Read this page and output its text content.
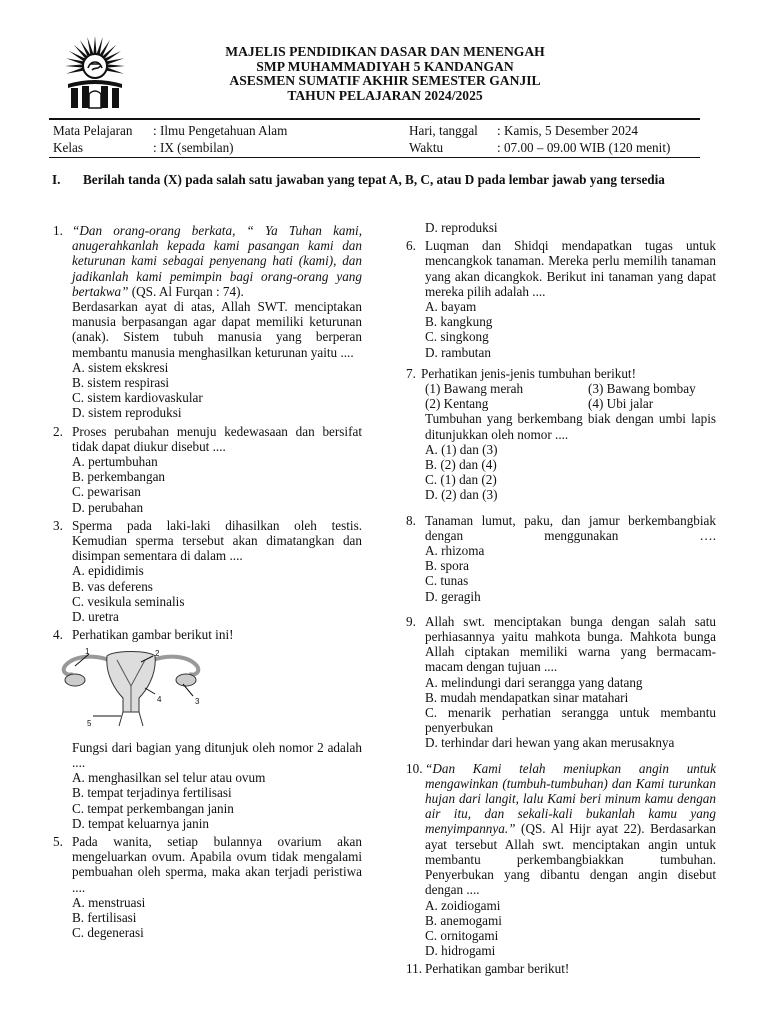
MAJELIS PENDIDIKAN DASAR DAN MENENGAH
SMP MUHAMMADIYAH 5 KANDANGAN
ASESMEN SUMATIF AKHIR SEMESTER GANJIL
TAHUN PELAJARAN 2024/2025
Mata Pelajaran : Ilmu Pengetahuan Alam	Hari, tanggal : Kamis, 5 Desember 2024
Kelas	: IX (sembilan)	Waktu	: 07.00 – 09.00 WIB (120 menit)
I.	Berilah tanda (X) pada salah satu jawaban yang tepat A, B, C, atau D pada lembar jawab yang tersedia
1. “Dan orang-orang berkata, “ Ya Tuhan kami, anugerahkanlah kepada kami pasangan kami dan keturunan kami sebagai penyenang hati (kami), dan jadikanlah kami pemimpin bagi orang-orang yang bertakwa” (QS. Al Furqan : 74).
Berdasarkan ayat di atas, Allah SWT. menciptakan manusia berpasangan agar dapat memiliki keturunan (anak). Sistem tubuh manusia yang berperan membantu manusia menghasilkan keturunan yaitu ....
A. sistem ekskresi
B. sistem respirasi
C. sistem kardiovaskular
D. sistem reproduksi
2. Proses perubahan menuju kedewasaan dan bersifat tidak dapat diukur disebut ....
A. pertumbuhan
B. perkembangan
C. pewarisan
D. perubahan
3. Sperma pada laki-laki dihasilkan oleh testis. Kemudian sperma tersebut akan dimatangkan dan disimpan sementara di dalam ....
A. epididimis
B. vas deferens
C. vesikula seminalis
D. uretra
4. Perhatikan gambar berikut ini!
1	2
3
4
5
Fungsi dari bagian yang ditunjuk oleh nomor 2 adalah ....
A. menghasilkan sel telur atau ovum
B. tempat terjadinya fertilisasi
C. tempat perkembangan janin
D. tempat keluarnya janin
5. Pada wanita, setiap bulannya ovarium akan mengeluarkan ovum. Apabila ovum tidak mengalami pembuahan oleh sperma, maka akan terjadi peristiwa ....
A. menstruasi
B. fertilisasi
C. degenerasi
D. reproduksi
6. Luqman dan Shidqi mendapatkan tugas untuk mencangkok tanaman. Mereka perlu memilih tanaman yang akan dicangkok. Berikut ini tanaman yang dapat mereka pilih adalah ....
A. bayam
B. kangkung
C. singkong
D. rambutan
7. Perhatikan jenis-jenis tumbuhan berikut!
(1) Bawang merah	(3) Bawang bombay
(2) Kentang	(4) Ubi jalar
Tumbuhan yang berkembang biak dengan umbi lapis ditunjukkan oleh nomor ....
A. (1) dan (3)
B. (2) dan (4)
C. (1) dan (2)
D. (2) dan (3)
8. Tanaman lumut, paku, dan jamur berkembangbiak dengan menggunakan ….
A. rhizoma
B. spora
C. tunas
D. geragih
9. Allah swt. menciptakan bunga dengan salah satu perhiasannya yaitu mahkota bunga. Mahkota bunga Allah ciptakan memiliki warna yang bermacam-macam dengan tujuan ....
A. melindungi dari serangga yang datang
B. mudah mendapatkan sinar matahari
C. menarik perhatian serangga untuk membantu penyerbukan
D. terhindar dari hewan yang akan merusaknya
10. “Dan Kami telah meniupkan angin untuk mengawinkan (tumbuh-tumbuhan) dan Kami turunkan hujan dari langit, lalu Kami beri minum kamu dengan air itu, dan sekali-kali bukanlah kamu yang menyimpannya.” (QS. Al Hijr ayat 22). Berdasarkan ayat tersebut Allah swt. menciptakan angin untuk membantu perkembangbiakkan tumbuhan. Penyerbukan yang dibantu dengan angin disebut dengan ....
A. zoidiogami
B. anemogami
C. ornitogami
D. hidrogami
11. Perhatikan gambar berikut!
